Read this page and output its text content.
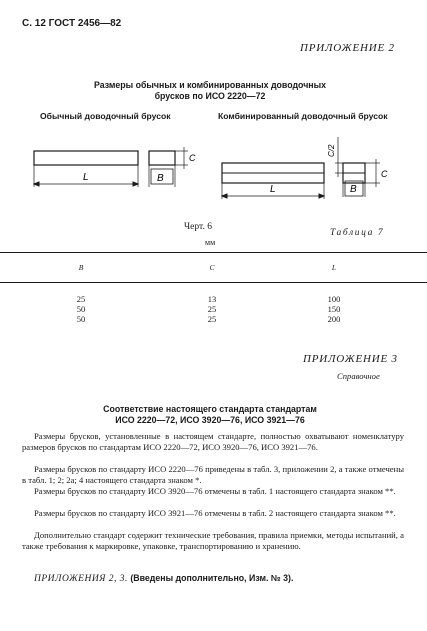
С. 12 ГОСТ 2456—82
ПРИЛОЖЕНИЕ 2
Размеры обычных и комбинированных доводочных
брусков по ИСО 2220—72
Обычный доводочный брусок	Комбинированный доводочный брусок
L	B
C
L	B
C
C/2
Черт. 6
Таблица 7
мм
B	C	L
25	13	100
50	25	150
50	25	200
ПРИЛОЖЕНИЕ 3
Справочное
Соответствие настоящего стандарта стандартам
ИСО 2220—72, ИСО 3920—76, ИСО 3921—76
Размеры брусков, установленные в настоящем стандарте, полностью охватывают номенклатуру размеров брусков по стандартам ИСО 2220—72, ИСО 3920—76, ИСО 3921—76.
Размеры брусков по стандарту ИСО 2220—76 приведены в табл. 3, приложении 2, а также отмечены в табл. 1; 2; 2а; 4 настоящего стандарта знаком *.
Размеры брусков по стандарту ИСО 3920—76 отмечены в табл. 1 настоящего стандарта знаком **.
Размеры брусков по стандарту ИСО 3921—76 отмечены в табл. 2 настоящего стандарта знаком **.
Дополнительно стандарт содержит технические требования, правила приемки, методы испытаний, а также требования к маркировке, упаковке, транспортированию и хранению.
ПРИЛОЖЕНИЯ 2, 3. (Введены дополнительно, Изм. № 3).
